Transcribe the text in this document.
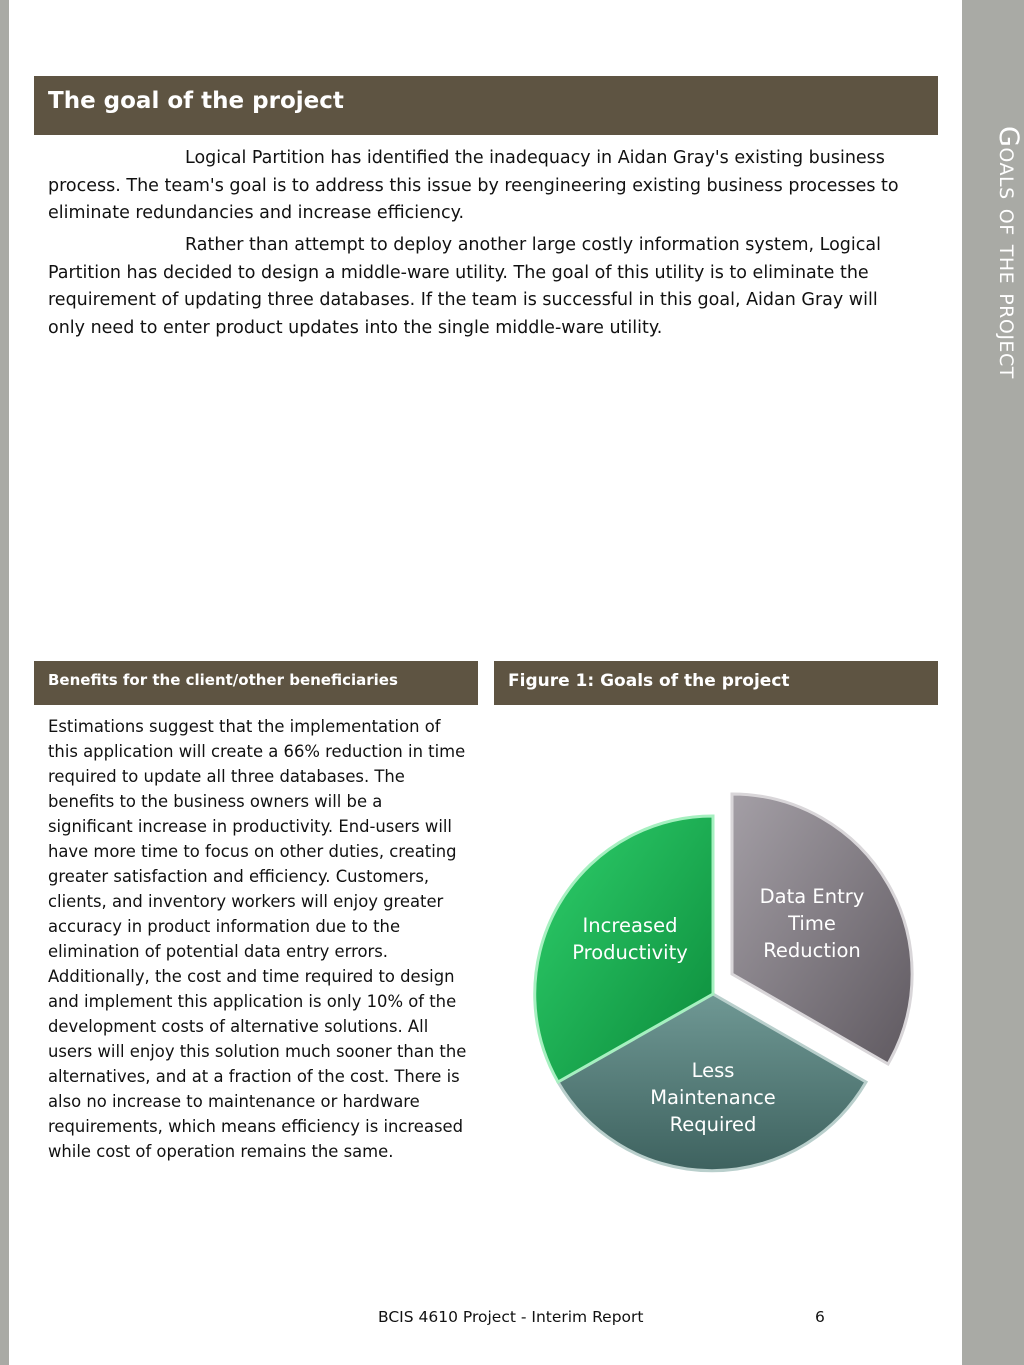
Goals of the project
The goal of the project

Logical Partition has identified the inadequacy in Aidan Gray's existing business process. The team's goal is to address this issue by reengineering existing business processes to eliminate redundancies and increase efficiency.

Rather than attempt to deploy another large costly information system, Logical Partition has decided to design a middle-ware utility. The goal of this utility is to eliminate the requirement of updating three databases. If the team is successful in this goal, Aidan Gray will only need to enter product updates into the single middle-ware utility.

Benefits for the client/other beneficiaries	Figure 1: Goals of the project

Estimations suggest that the implementation of this application will create a 66% reduction in time required to update all three databases. The benefits to the business owners will be a significant increase in productivity. End-users will have more time to focus on other duties, creating greater satisfaction and efficiency. Customers, clients, and inventory workers will enjoy greater accuracy in product information due to the elimination of potential data entry errors. Additionally, the cost and time required to design and implement this application is only 10% of the development costs of alternative solutions. All users will enjoy this solution much sooner than the alternatives, and at a fraction of the cost. There is also no increase to maintenance or hardware requirements, which means efficiency is increased while cost of operation remains the same.

Data Entry
Time
Reduction
Less
Maintenance
Required
Increased
Productivity
BCIS 4610 Project - Interim Report	6
